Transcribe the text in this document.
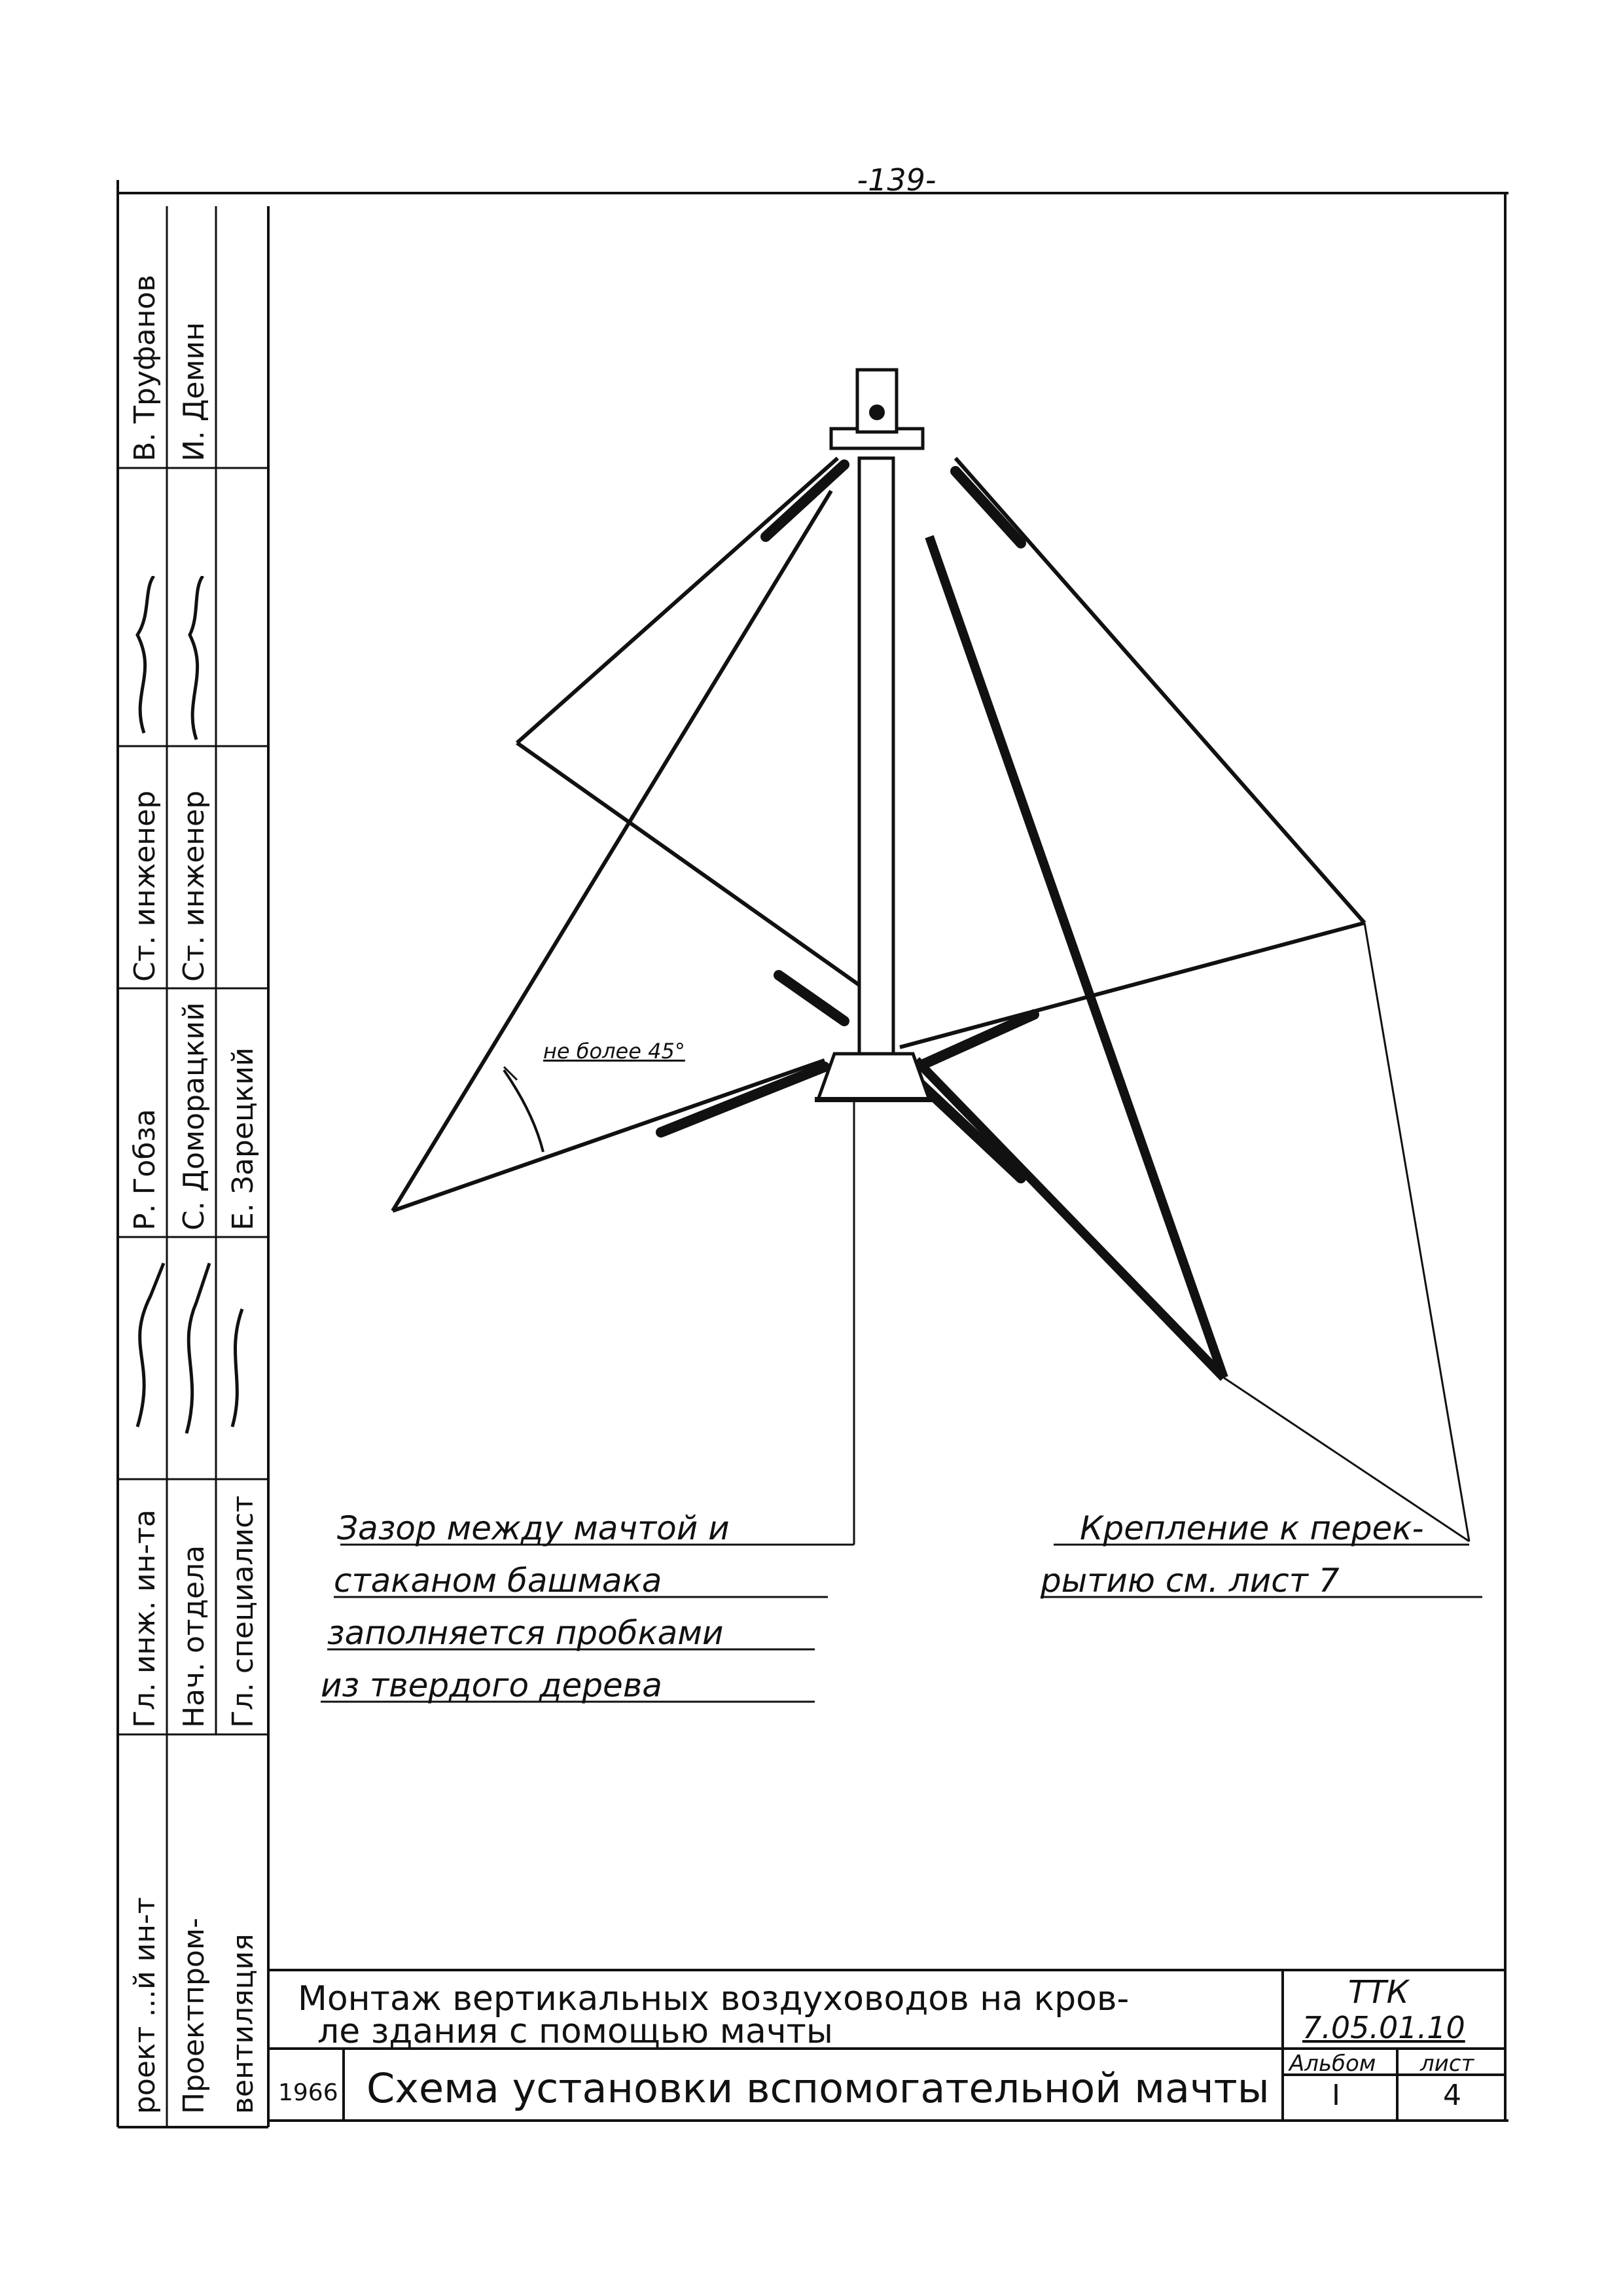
-139-
не более 45°
Зазор между мачтой и
стаканом башмака
заполняется пробками
из твердого дерева
Крепление к перек-
рытию см. лист 7
роект ...й ин-т Проектпром- вентиляция
Гл. инж. ин-та
Р. Гобза
Ст. инженер
В. Труфанов
Нач. отдела
С. Доморацкий
Ст. инженер
И. Демин
Гл. специалист
Е. Зарецкий
Монтаж вертикальных воздуховодов на кров-
ле здания с помощью мачты
ТТК
7.05.01.10
1966 Схема установки вспомогательной мачты
Альбом
I
лист
4
